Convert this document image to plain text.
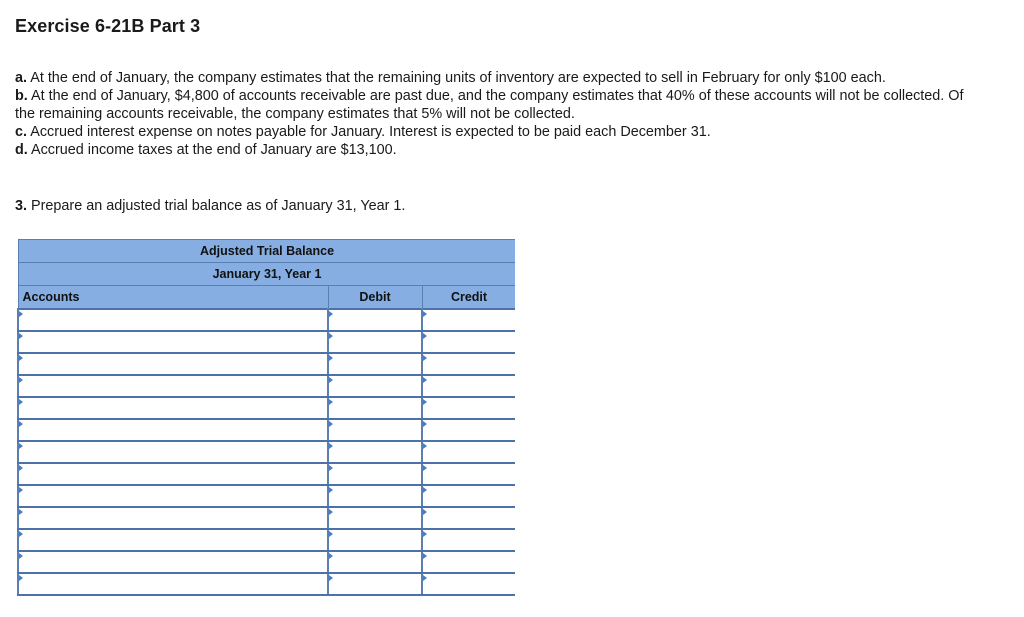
Exercise 6-21B Part 3

a. At the end of January, the company estimates that the remaining units of inventory are expected to sell in February for only $100 each.

b. At the end of January, $4,800 of accounts receivable are past due, and the company estimates that 40% of these accounts will not be collected. Of the remaining accounts receivable, the company estimates that 5% will not be collected.

c. Accrued interest expense on notes payable for January. Interest is expected to be paid each December 31.

d. Accrued income taxes at the end of January are $13,100.

3. Prepare an adjusted trial balance as of January 31, Year 1.
Adjusted Trial Balance		
January 31, Year 1		
Accounts	Debit	Credit
